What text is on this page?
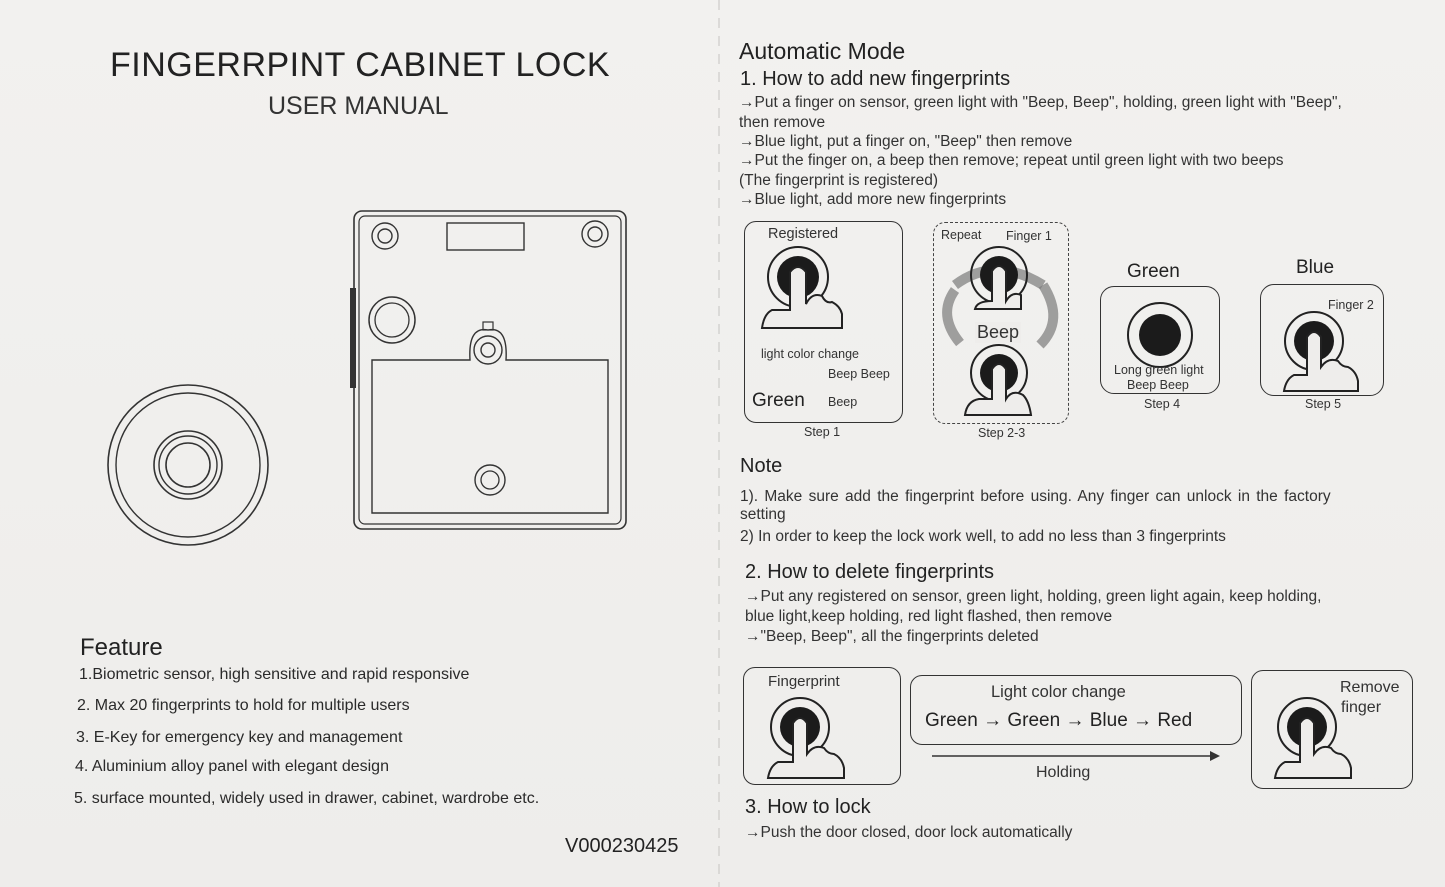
FINGERRPINT CABINET LOCK
USER MANUAL
Feature
1.Biometric sensor, high sensitive and rapid responsive
2. Max 20 fingerprints to hold for multiple users
3. E-Key for emergency key and management
4. Aluminium alloy panel with elegant design
5. surface mounted, widely used in drawer, cabinet, wardrobe etc.
V000230425
Automatic Mode
1. How to add new fingerprints
→Put a finger on sensor, green light with "Beep, Beep", holding, green light with "Beep",
then remove
→Blue light, put a finger on, "Beep" then remove
→Put the finger on, a beep then remove; repeat until green light with two beeps
(The fingerprint is registered)
→Blue light, add more new fingerprints
Registered
light color change
Beep Beep
Green Beep
Step 1
Repeat Finger 1
Beep
Step 2-3
Green
Long green light
Beep Beep
Step 4
Blue
Finger 2
Step 5
Note
1). Make sure add the fingerprint before using. Any finger can unlock in the factory
setting
2) In order to keep the lock work well, to add no less than 3 fingerprints
2. How to delete fingerprints
→Put any registered on sensor, green light, holding, green light again, keep holding,
blue light,keep holding, red light flashed, then remove
→"Beep, Beep", all the fingerprints deleted
Fingerprint
Light color change
Green → Green → Blue → Red
Holding
Remove
finger
3. How to lock
→Push the door closed, door lock automatically
